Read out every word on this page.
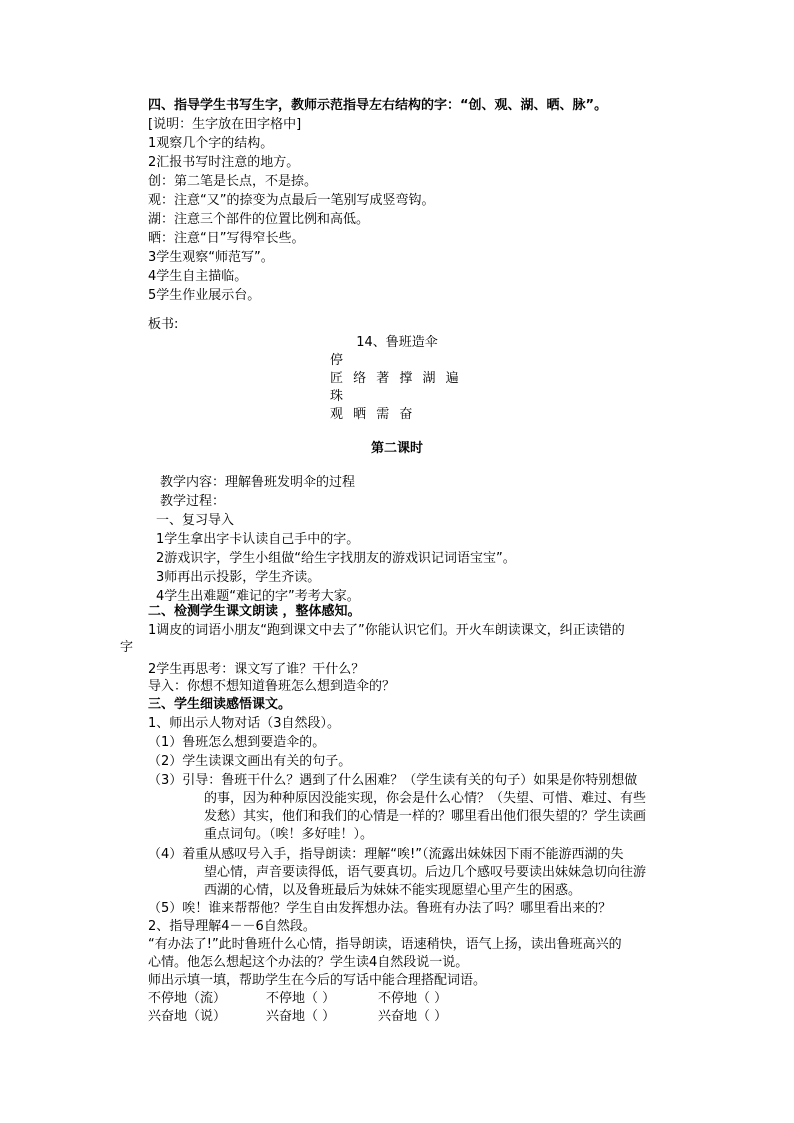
四、指导学生书写生字，教师示范指导左右结构的字：“创、观、湖、晒、脉”。
[说明：生字放在田字格中]
1观察几个字的结构。
2汇报书写时注意的地方。
创：第二笔是长点，不是捺。
观：注意“又”的捺变为点最后一笔别写成竖弯钩。
湖：注意三个部件的位置比例和高低。
晒：注意“日”写得窄长些。
3学生观察“师范写”。
4学生自主描临。
5学生作业展示台。
板书:
14、鲁班造伞
停
匠 络 著 撑 湖 遍
珠
观 晒 需 奋
第二课时
教学内容：理解鲁班发明伞的过程
教学过程：
一、复习导入
1学生拿出字卡认读自己手中的字。
2游戏识字，学生小组做“给生字找朋友的游戏识记词语宝宝”。
3师再出示投影，学生齐读。
4学生出难题“难记的字”考考大家。
二、检测学生课文朗读 ，整体感知。
1调皮的词语小朋友“跑到课文中去了”你能认识它们。开火车朗读课文，纠正读错的
字
2学生再思考：课文写了谁？干什么？
导入：你想不想知道鲁班怎么想到造伞的？
三、学生细读感悟课文。
1、师出示人物对话（3自然段）。
（1）鲁班怎么想到要造伞的。
（2）学生读课文画出有关的句子。
（3）引导：鲁班干什么？遇到了什么困难？（学生读有关的句子）如果是你特别想做
的事，因为种种原因没能实现，你会是什么心情？（失望、可惜、难过、有些
发愁）其实，他们和我们的心情是一样的？哪里看出他们很失望的？学生读画
重点词句。（唉！多好哇！）。
（4）着重从感叹号入手，指导朗读：理解“唉!”（流露出妹妹因下雨不能游西湖的失
望心情，声音要读得低，语气要真切。后边几个感叹号要读出妹妹急切向往游
西湖的心情，以及鲁班最后为妹妹不能实现愿望心里产生的困惑。
（5）唉！谁来帮帮他？学生自由发挥想办法。鲁班有办法了吗？哪里看出来的？
2、指导理解4－－6自然段。
“有办法了!”此时鲁班什么心情，指导朗读，语速稍快，语气上扬，读出鲁班高兴的
心情。他怎么想起这个办法的？学生读4自然段说一说。
师出示填一填，帮助学生在今后的写话中能合理搭配词语。
不停地（流）	不停地（ ）	不停地（ ）
兴奋地（说）	兴奋地（ ）	兴奋地（ ）
